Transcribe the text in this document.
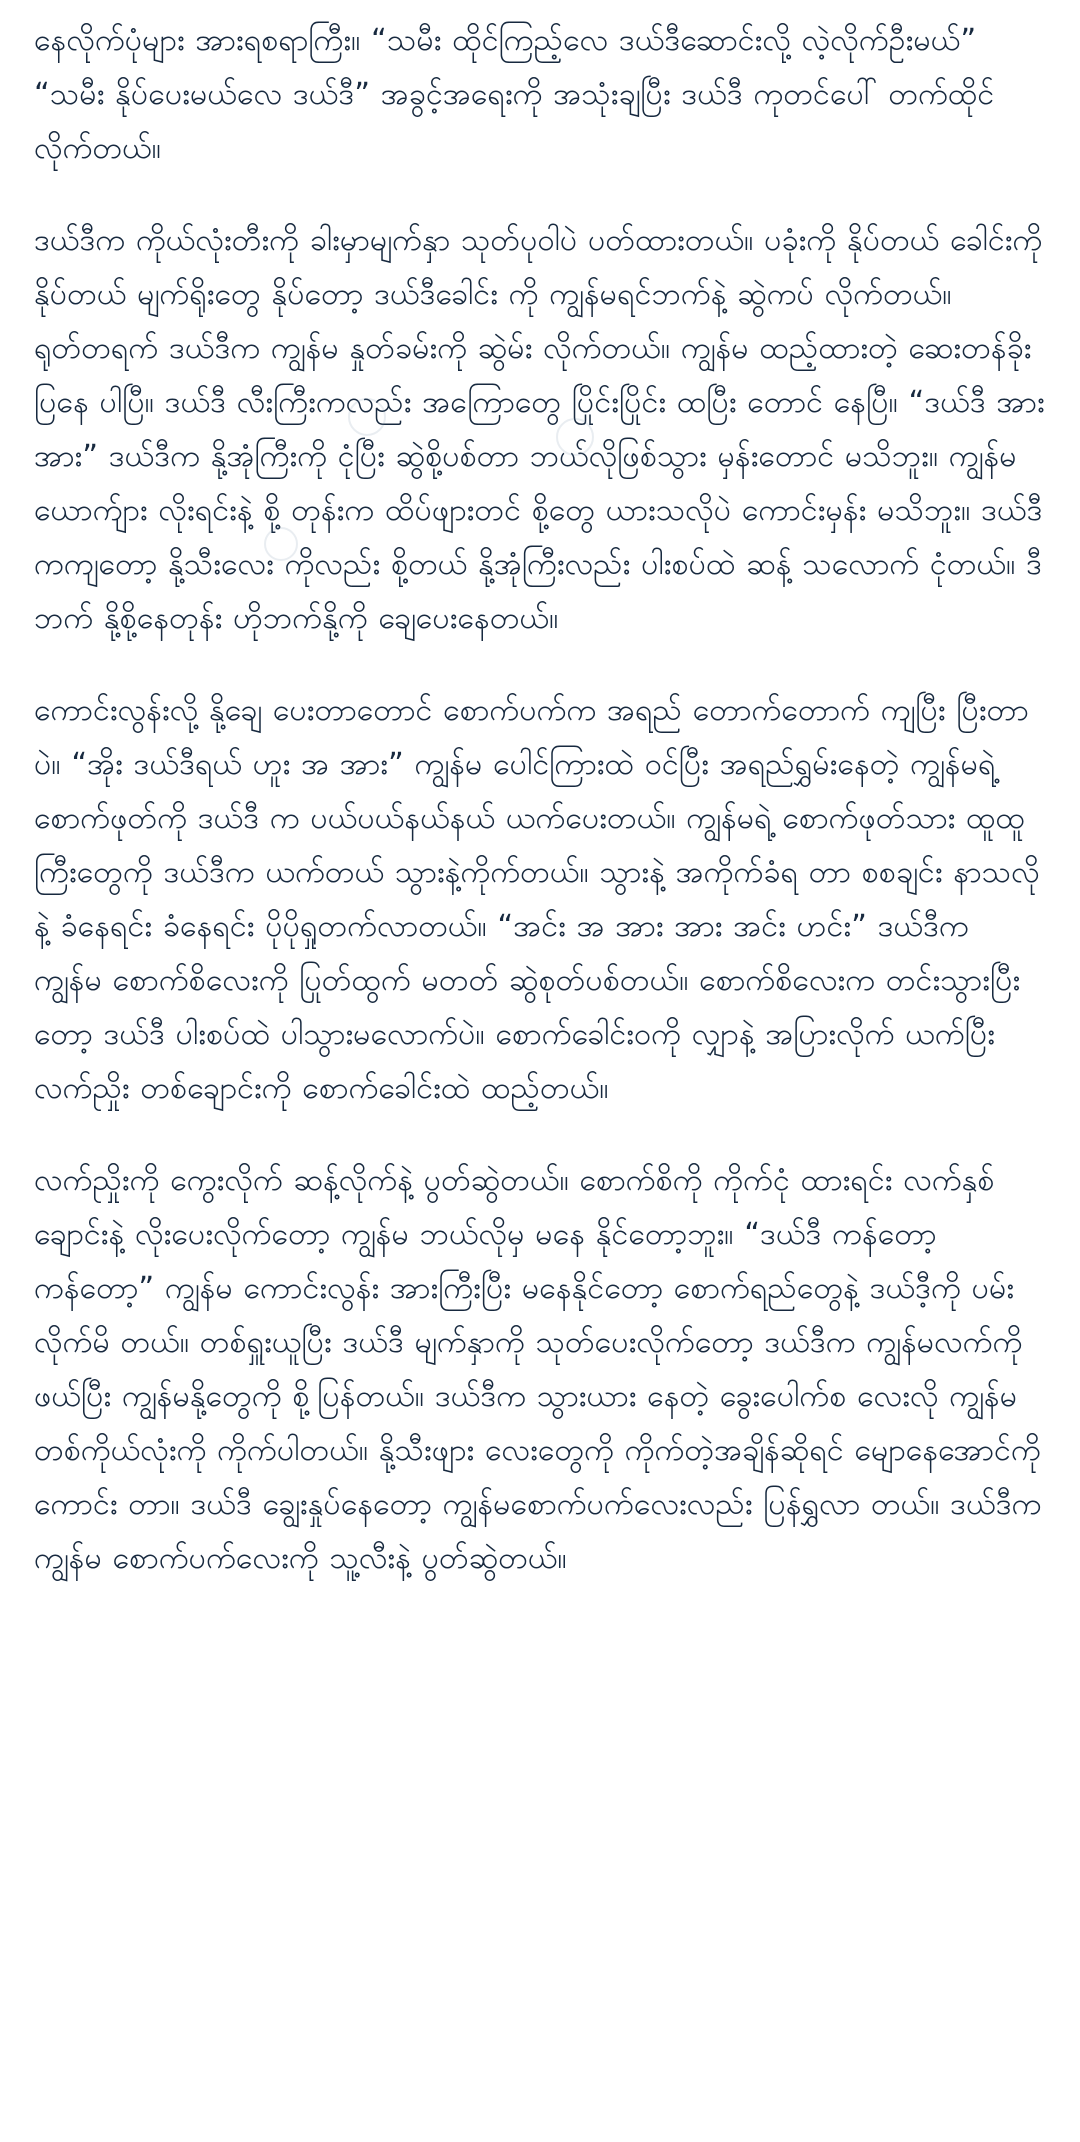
နေလိုက်ပုံများ အားရစရာကြီး။ “သမီး ထိုင်ကြည့်လေ ဒယ်ဒီဆောင်းလို့ လဲ့လိုက်ဦးမယ်” “သမီး နိုပ်ပေးမယ်လေ ဒယ်ဒီ” အခွင့်အရေးကို အသုံးချပြီး ဒယ်ဒီ ကုတင်ပေါ် တက်ထိုင်လိုက်တယ်။

ဒယ်ဒီက ကိုယ်လုံးတီးကို ခါးမှာမျက်နှာ သုတ်ပုဝါပဲ ပတ်ထားတယ်။ ပခုံးကို နိုပ်တယ် ခေါင်းကိုနိုပ်တယ် မျက်ရိုးတွေ နိုပ်တော့ ဒယ်ဒီခေါင်း ကို ကျွန်မရင်ဘက်နဲ့ ဆွဲကပ် လိုက်တယ်။ ရုတ်တရက် ဒယ်ဒီက ကျွန်မ နှုတ်ခမ်းကို ဆွဲမ်း လိုက်တယ်။ ကျွန်မ ထည့်ထားတဲ့ ဆေးတန်ခိုး ပြနေ ပါပြီ။ ဒယ်ဒီ လီးကြီးကလည်း အကြောတွေ ပြိုင်းပြိုင်း ထပြီး တောင် နေပြီ။ “ဒယ်ဒီ အား အား” ဒယ်ဒီက နို့အုံကြီးကို ငုံပြီး ဆွဲစို့ပစ်တာ ဘယ်လိုဖြစ်သွား မှန်းတောင် မသိဘူး။ ကျွန်မ ယောက်ျား လိုးရင်းနဲ့ စို့ တုန်းက ထိပ်ဖျားတင် စို့တွေ ယားသလိုပဲ ကောင်းမှန်း မသိဘူး။ ဒယ်ဒီ ကကျတော့ နို့သီးလေး ကိုလည်း စို့တယ် နို့အုံကြီးလည်း ပါးစပ်ထဲ ဆန့် သလောက် ငုံတယ်။ ဒီဘက် နို့စို့နေတုန်း ဟိုဘက်နို့ကို ချေပေးနေတယ်။

ကောင်းလွန်းလို့ နို့ချေ ပေးတာတောင် စောက်ပက်က အရည် တောက်တောက် ကျပြီး ပြီးတာပဲ။ “အိုး ဒယ်ဒီရယ် ဟူး အ အား” ကျွန်မ ပေါင်ကြားထဲ ဝင်ပြီး အရည်ရွှမ်းနေတဲ့ ကျွန်မရဲ့ စောက်ဖုတ်ကို ဒယ်ဒီ က ပယ်ပယ်နယ်နယ် ယက်ပေးတယ်။ ကျွန်မရဲ့ စောက်ဖုတ်သား ထူထူ ကြီးတွေကို ဒယ်ဒီက ယက်တယ် သွားနဲ့ကိုက်တယ်။ သွားနဲ့ အကိုက်ခံရ တာ စစချင်း နာသလိုနဲ့ ခံနေရင်း ခံနေရင်း ပိုပိုရှုတက်လာတယ်။ “အင်း အ အား အား အင်း ဟင်း” ဒယ်ဒီက ကျွန်မ စောက်စိလေးကို ပြုတ်ထွက် မတတ် ဆွဲစုတ်ပစ်တယ်။ စောက်စိလေးက တင်းသွားပြီးတော့ ဒယ်ဒီ ပါးစပ်ထဲ ပါသွားမလောက်ပဲ။ စောက်ခေါင်းဝကို လျှာနဲ့ အပြားလိုက် ယက်ပြီး လက်ညှိုး တစ်ချောင်းကို စောက်ခေါင်းထဲ ထည့်တယ်။

လက်ညှိုးကို ကွေးလိုက် ဆန့်လိုက်နဲ့ ပွတ်ဆွဲတယ်။ စောက်စိကို ကိုက်ငုံ ထားရင်း လက်နှစ်ချောင်းနဲ့ လိုးပေးလိုက်တော့ ကျွန်မ ဘယ်လိုမှ မနေ နိုင်တော့ဘူး။ “ဒယ်ဒီ ကန်တော့ ကန်တော့” ကျွန်မ ကောင်းလွန်း အားကြီးပြီး မနေနိုင်တော့ စောက်ရည်တွေနဲ့ ဒယ်ဒီ့ကို ပမ်းလိုက်မိ တယ်။ တစ်ရှူးယူပြီး ဒယ်ဒီ မျက်နှာကို သုတ်ပေးလိုက်တော့ ဒယ်ဒီက ကျွန်မလက်ကို ဖယ်ပြီး ကျွန်မနို့တွေကို စို့ပြန်တယ်။ ဒယ်ဒီက သွားယား နေတဲ့ ခွေးပေါက်စ လေးလို ကျွန်မ တစ်ကိုယ်လုံးကို ကိုက်ပါတယ်။ နို့သီးဖျား လေးတွေကို ကိုက်တဲ့အချိန်ဆိုရင် မျောနေအောင်ကို ကောင်း တာ။ ဒယ်ဒီ ချွေးနှုပ်နေတော့ ကျွန်မစောက်ပက်လေးလည်း ပြန်ရွှလာ တယ်။ ဒယ်ဒီက ကျွန်မ စောက်ပက်လေးကို သူ့လီးနဲ့ ပွတ်ဆွဲတယ်။
